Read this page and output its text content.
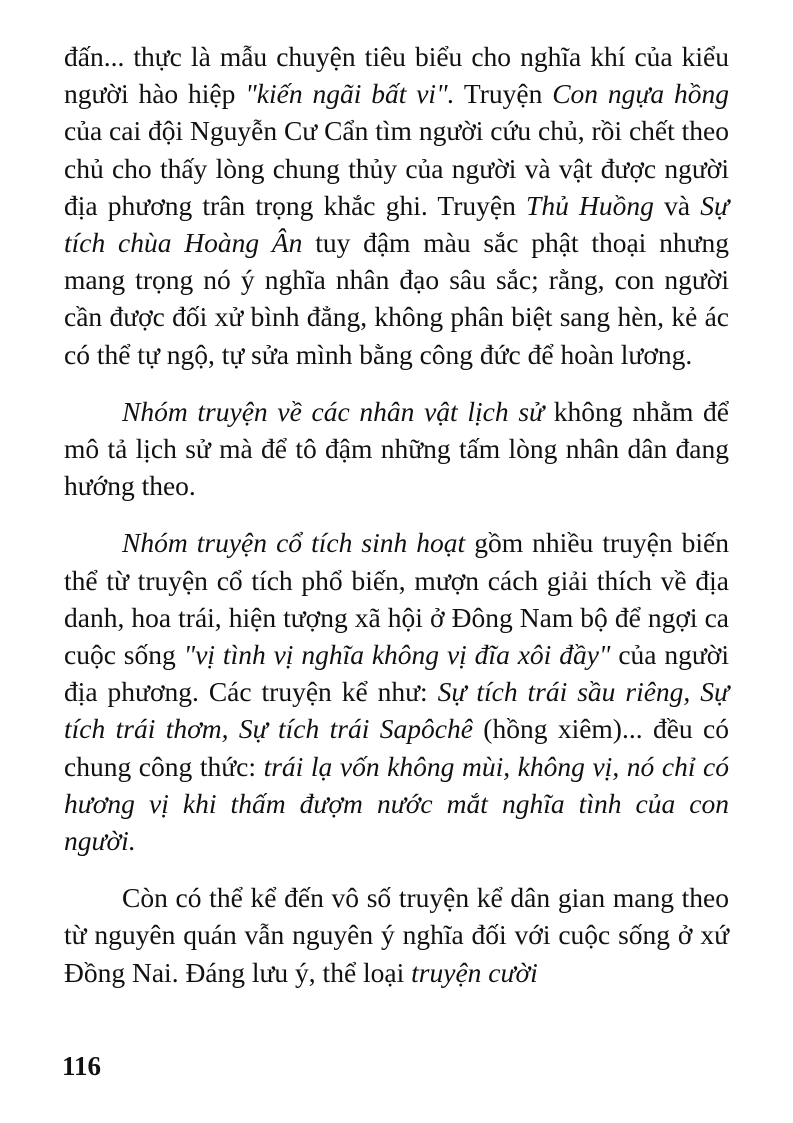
đấn... thực là mẫu chuyện tiêu biểu cho nghĩa khí của kiểu người hào hiệp "kiến ngãi bất vi". Truyện Con ngựa hồng của cai đội Nguyễn Cư Cẩn tìm người cứu chủ, rồi chết theo chủ cho thấy lòng chung thủy của người và vật được người địa phương trân trọng khắc ghi. Truyện Thủ Huồng và Sự tích chùa Hoàng Ân tuy đậm màu sắc phật thoại nhưng mang trọng nó ý nghĩa nhân đạo sâu sắc; rằng, con người cần được đối xử bình đẳng, không phân biệt sang hèn, kẻ ác có thể tự ngộ, tự sửa mình bằng công đức để hoàn lương.

Nhóm truyện về các nhân vật lịch sử không nhằm để mô tả lịch sử mà để tô đậm những tấm lòng nhân dân đang hướng theo.

Nhóm truyện cổ tích sinh hoạt gồm nhiều truyện biến thể từ truyện cổ tích phổ biến, mượn cách giải thích về địa danh, hoa trái, hiện tượng xã hội ở Đông Nam bộ để ngợi ca cuộc sống "vị tình vị nghĩa không vị đĩa xôi đầy" của người địa phương. Các truyện kể như: Sự tích trái sầu riêng, Sự tích trái thơm, Sự tích trái Sapôchê (hồng xiêm)... đều có chung công thức: trái lạ vốn không mùi, không vị, nó chỉ có hương vị khi thấm đượm nước mắt nghĩa tình của con người.

Còn có thể kể đến vô số truyện kể dân gian mang theo từ nguyên quán vẫn nguyên ý nghĩa đối với cuộc sống ở xứ Đồng Nai. Đáng lưu ý, thể loại truyện cười

116
